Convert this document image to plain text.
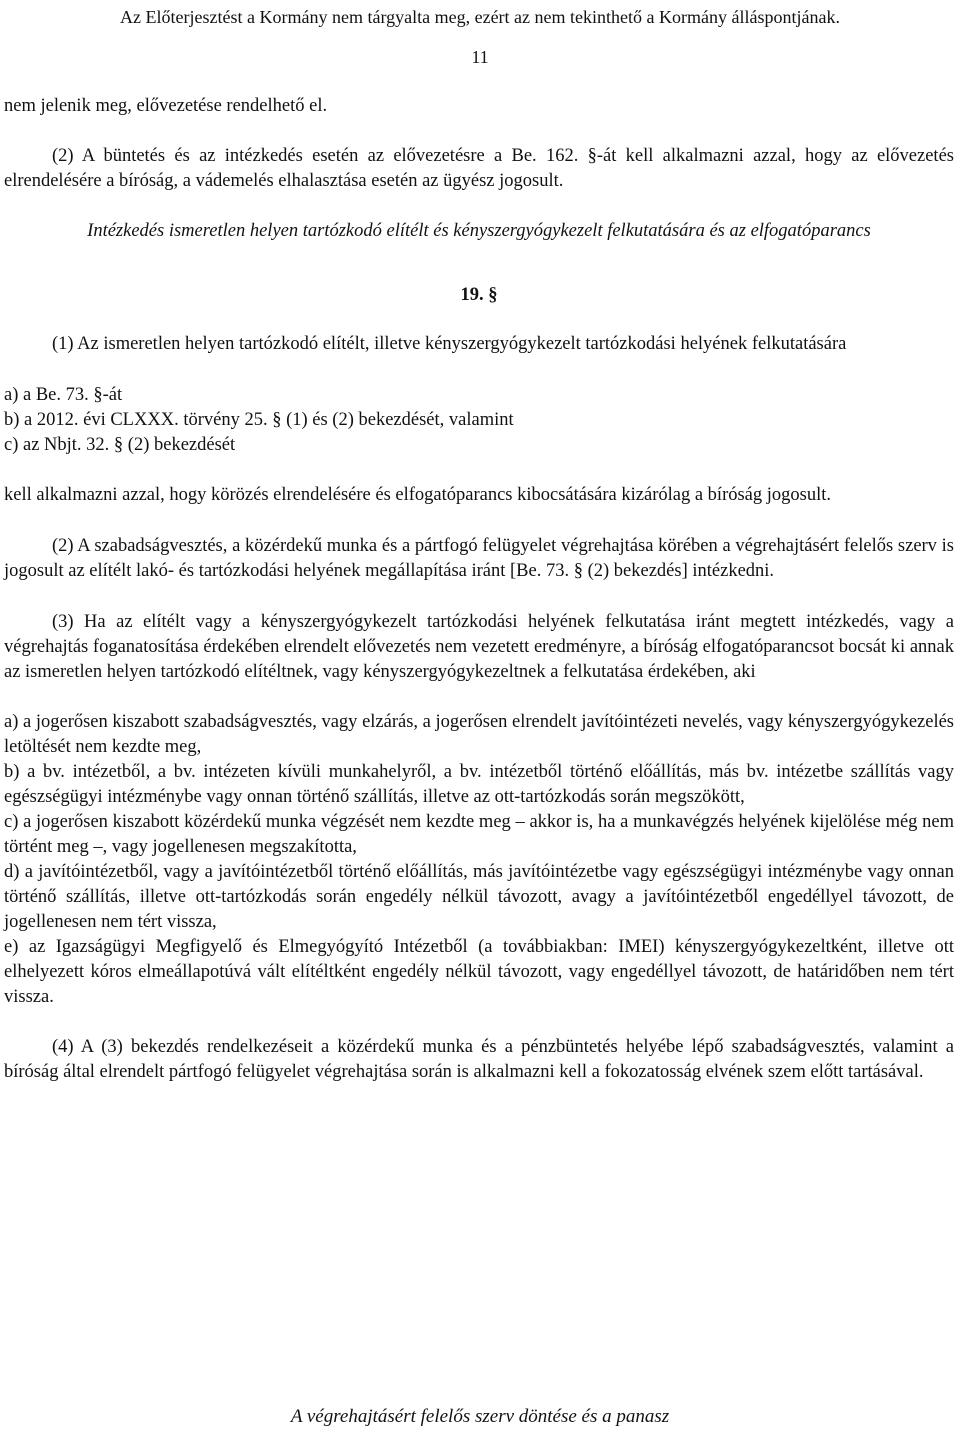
Az Előterjesztést a Kormány nem tárgyalta meg, ezért az nem tekinthető a Kormány álláspontjának.
11

nem jelenik meg, elővezetése rendelhető el.

(2) A büntetés és az intézkedés esetén az elővezetésre a Be. 162. §-át kell alkalmazni azzal, hogy az elővezetés elrendelésére a bíróság, a vádemelés elhalasztása esetén az ügyész jogosult.

Intézkedés ismeretlen helyen tartózkodó elítélt és kényszergyógykezelt felkutatására és az elfogatóparancs

19. §

(1) Az ismeretlen helyen tartózkodó elítélt, illetve kényszergyógykezelt tartózkodási helyének felkutatására

a) a Be. 73. §-át

b) a 2012. évi CLXXX. törvény 25. § (1) és (2) bekezdését, valamint

c) az Nbjt. 32. § (2) bekezdését

kell alkalmazni azzal, hogy körözés elrendelésére és elfogatóparancs kibocsátására kizárólag a bíróság jogosult.

(2) A szabadságvesztés, a közérdekű munka és a pártfogó felügyelet végrehajtása körében a végrehajtásért felelős szerv is jogosult az elítélt lakó- és tartózkodási helyének megállapítása iránt [Be. 73. § (2) bekezdés] intézkedni.

(3) Ha az elítélt vagy a kényszergyógykezelt tartózkodási helyének felkutatása iránt megtett intézkedés, vagy a végrehajtás foganatosítása érdekében elrendelt elővezetés nem vezetett eredményre, a bíróság elfogatóparancsot bocsát ki annak az ismeretlen helyen tartózkodó elítéltnek, vagy kényszergyógykezeltnek a felkutatása érdekében, aki

a) a jogerősen kiszabott szabadságvesztés, vagy elzárás, a jogerősen elrendelt javítóintézeti nevelés, vagy kényszergyógykezelés letöltését nem kezdte meg,

b) a bv. intézetből, a bv. intézeten kívüli munkahelyről, a bv. intézetből történő előállítás, más bv. intézetbe szállítás vagy egészségügyi intézménybe vagy onnan történő szállítás, illetve az ott-tartózkodás során megszökött,

c) a jogerősen kiszabott közérdekű munka végzését nem kezdte meg – akkor is, ha a munkavégzés helyének kijelölése még nem történt meg –, vagy jogellenesen megszakította,

d) a javítóintézetből, vagy a javítóintézetből történő előállítás, más javítóintézetbe vagy egészségügyi intézménybe vagy onnan történő szállítás, illetve ott-tartózkodás során engedély nélkül távozott, avagy a javítóintézetből engedéllyel távozott, de jogellenesen nem tért vissza,

e) az Igazságügyi Megfigyelő és Elmegyógyító Intézetből (a továbbiakban: IMEI) kényszergyógykezeltként, illetve ott elhelyezett kóros elmeállapotúvá vált elítéltként engedély nélkül távozott, vagy engedéllyel távozott, de határidőben nem tért vissza.

(4) A (3) bekezdés rendelkezéseit a közérdekű munka és a pénzbüntetés helyébe lépő szabadságvesztés, valamint a bíróság által elrendelt pártfogó felügyelet végrehajtása során is alkalmazni kell a fokozatosság elvének szem előtt tartásával.

A végrehajtásért felelős szerv döntése és a panasz
